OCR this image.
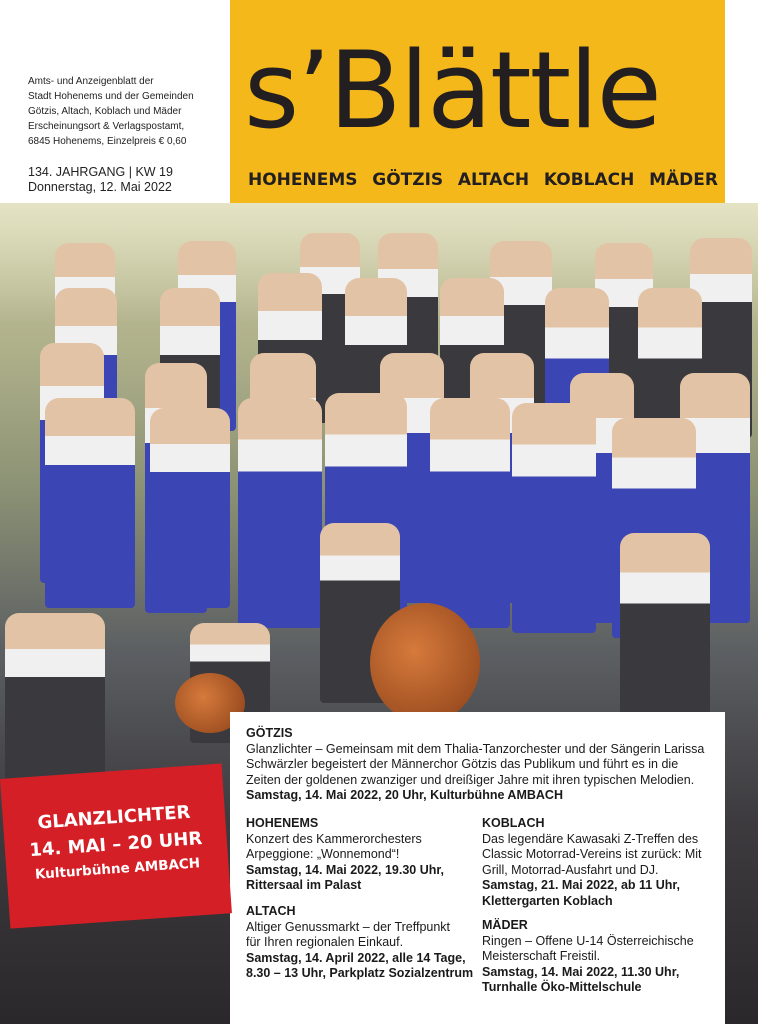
Amts- und Anzeigenblatt der
Stadt Hohenems und der Gemeinden
Götzis, Altach, Koblach und Mäder
Erscheinungsort & Verlagspostamt,
6845 Hohenems, Einzelpreis € 0,60
134. JAHRGANG | KW 19
Donnerstag, 12. Mai 2022
s’Blättle
HOHENEMS GÖTZIS ALTACH KOBLACH MÄDER
GÖTZIS
Glanzlichter – Gemeinsam mit dem Thalia-Tanzorchester und der Sängerin Larissa Schwärzler begeistert der Männerchor Götzis das Publikum und führt es in die Zeiten der goldenen zwanziger und dreißiger Jahre mit ihren typischen Melodien.
Samstag, 14. Mai 2022, 20 Uhr, Kulturbühne AMBACH
HOHENEMS
Konzert des Kammerorchesters
Arpeggione: „Wonnemond“!
Samstag, 14. Mai 2022, 19.30 Uhr,
Rittersaal im Palast
ALTACH
Altiger Genussmarkt – der Treffpunkt
für Ihren regionalen Einkauf.
Samstag, 14. April 2022, alle 14 Tage,
8.30 – 13 Uhr, Parkplatz Sozialzentrum
KOBLACH
Das legendäre Kawasaki Z-Treffen des
Classic Motorrad-Vereins ist zurück: Mit
Grill, Motorrad-Ausfahrt und DJ.
Samstag, 21. Mai 2022, ab 11 Uhr,
Klettergarten Koblach
MÄDER
Ringen – Offene U-14 Österreichische
Meisterschaft Freistil.
Samstag, 14. Mai 2022, 11.30 Uhr,
Turnhalle Öko-Mittelschule
GLANZLICHTER
14. MAI – 20 UHR
Kulturbühne AMBACH
